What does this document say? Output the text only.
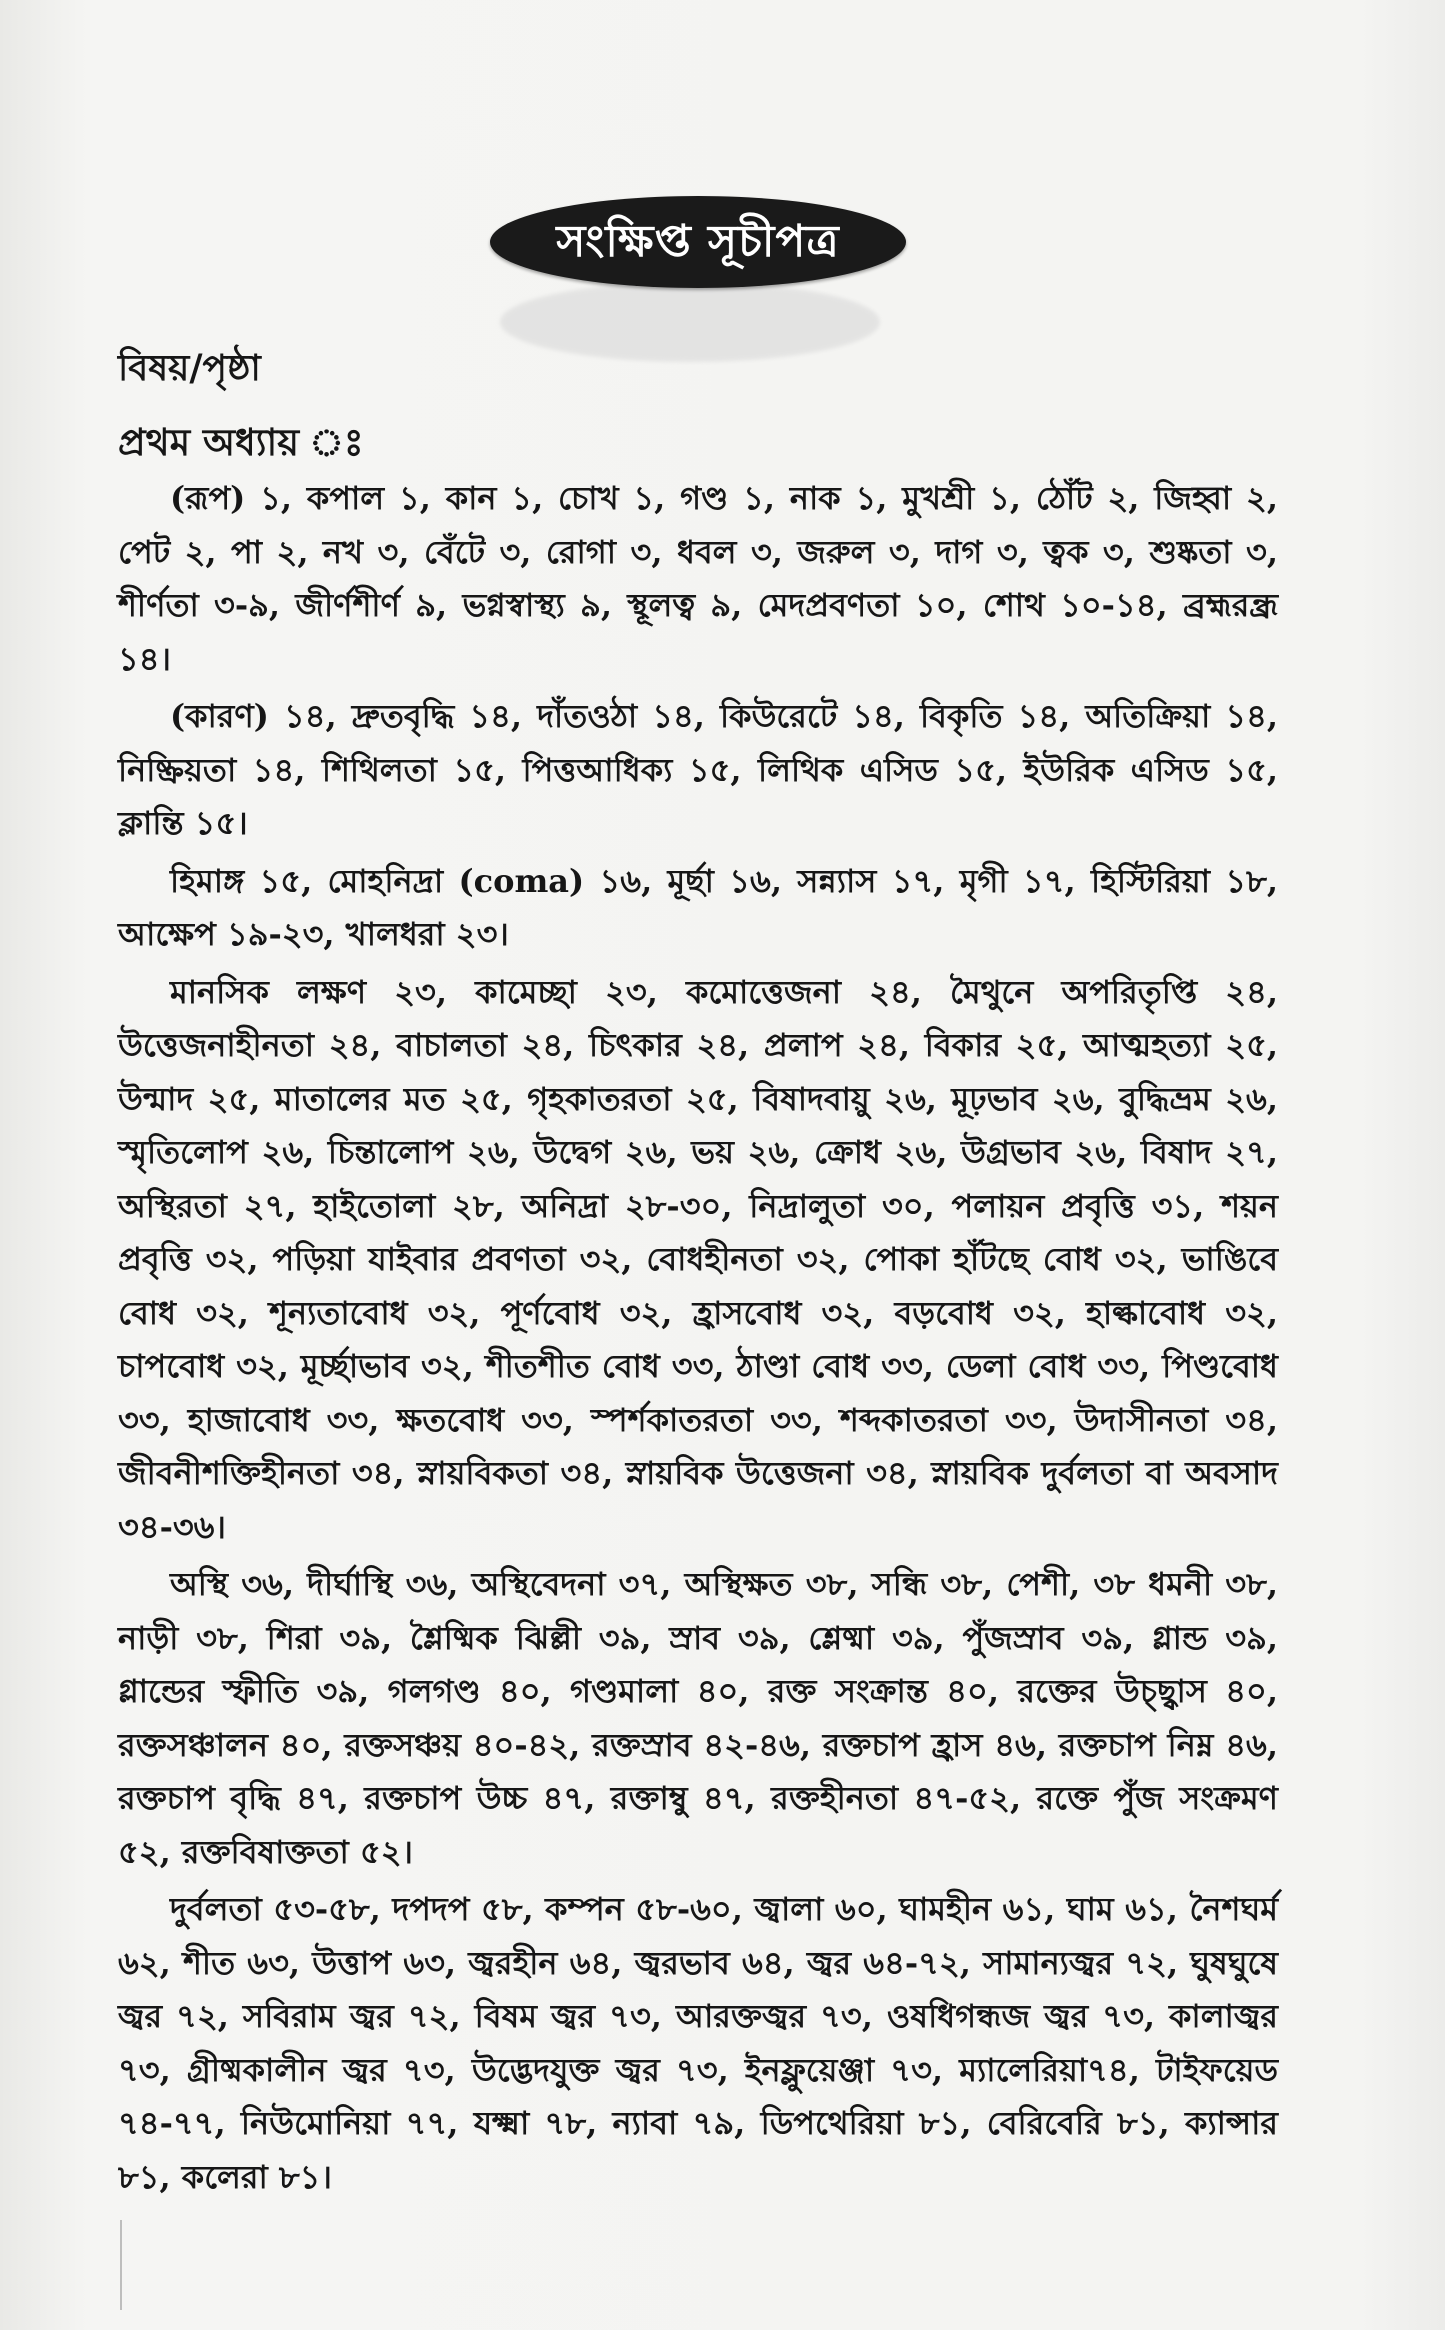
সংক্ষিপ্ত সূচীপত্র
বিষয়/পৃষ্ঠা
প্রথম অধ্যায় ঃ

(রূপ) ১, কপাল ১, কান ১, চোখ ১, গণ্ড ১, নাক ১, মুখশ্রী ১, ঠোঁট ২, জিহ্বা ২, পেট ২, পা ২, নখ ৩, বেঁটে ৩, রোগা ৩, ধবল ৩, জরুল ৩, দাগ ৩, ত্বক ৩, শুষ্কতা ৩, শীর্ণতা ৩-৯, জীর্ণশীর্ণ ৯, ভগ্নস্বাস্থ্য ৯, স্থূলত্ব ৯, মেদপ্রবণতা ১০, শোথ ১০-১৪, ব্রহ্মরন্ধ্র ১৪।

(কারণ) ১৪, দ্রুতবৃদ্ধি ১৪, দাঁতওঠা ১৪, কিউরেটে ১৪, বিকৃতি ১৪, অতিক্রিয়া ১৪, নিষ্ক্রিয়তা ১৪, শিথিলতা ১৫, পিত্তআধিক্য ১৫, লিথিক এসিড ১৫, ইউরিক এসিড ১৫, ক্লান্তি ১৫।

হিমাঙ্গ ১৫, মোহনিদ্রা (coma) ১৬, মূর্ছা ১৬, সন্ন্যাস ১৭, মৃগী ১৭, হিস্টিরিয়া ১৮, আক্ষেপ ১৯-২৩, খালধরা ২৩।

মানসিক লক্ষণ ২৩, কামেচ্ছা ২৩, কমোত্তেজনা ২৪, মৈথুনে অপরিতৃপ্তি ২৪, উত্তেজনাহীনতা ২৪, বাচালতা ২৪, চিৎকার ২৪, প্রলাপ ২৪, বিকার ২৫, আত্মহত্যা ২৫, উন্মাদ ২৫, মাতালের মত ২৫, গৃহকাতরতা ২৫, বিষাদবায়ু ২৬, মূঢ়ভাব ২৬, বুদ্ধিভ্রম ২৬, স্মৃতিলোপ ২৬, চিন্তালোপ ২৬, উদ্বেগ ২৬, ভয় ২৬, ক্রোধ ২৬, উগ্রভাব ২৬, বিষাদ ২৭, অস্থিরতা ২৭, হাইতোলা ২৮, অনিদ্রা ২৮-৩০, নিদ্রালুতা ৩০, পলায়ন প্রবৃত্তি ৩১, শয়ন প্রবৃত্তি ৩২, পড়িয়া যাইবার প্রবণতা ৩২, বোধহীনতা ৩২, পোকা হাঁটছে বোধ ৩২, ভাঙিবে বোধ ৩২, শূন্যতাবোধ ৩২, পূর্ণবোধ ৩২, হ্রাসবোধ ৩২, বড়বোধ ৩২, হাল্কাবোধ ৩২, চাপবোধ ৩২, মূর্চ্ছাভাব ৩২, শীতশীত বোধ ৩৩, ঠাণ্ডা বোধ ৩৩, ডেলা বোধ ৩৩, পিণ্ডবোধ ৩৩, হাজাবোধ ৩৩, ক্ষতবোধ ৩৩, স্পর্শকাতরতা ৩৩, শব্দকাতরতা ৩৩, উদাসীনতা ৩৪, জীবনীশক্তিহীনতা ৩৪, স্নায়বিকতা ৩৪, স্নায়বিক উত্তেজনা ৩৪, স্নায়বিক দুর্বলতা বা অবসাদ ৩৪-৩৬।

অস্থি ৩৬, দীর্ঘাস্থি ৩৬, অস্থিবেদনা ৩৭, অস্থিক্ষত ৩৮, সন্ধি ৩৮, পেশী, ৩৮ ধমনী ৩৮, নাড়ী ৩৮, শিরা ৩৯, শ্লৈষ্মিক ঝিল্লী ৩৯, স্রাব ৩৯, শ্লেষ্মা ৩৯, পুঁজস্রাব ৩৯, গ্লান্ড ৩৯, গ্লান্ডের স্ফীতি ৩৯, গলগণ্ড ৪০, গণ্ডমালা ৪০, রক্ত সংক্রান্ত ৪০, রক্তের উচ্ছ্বাস ৪০, রক্তসঞ্চালন ৪০, রক্তসঞ্চয় ৪০-৪২, রক্তস্রাব ৪২-৪৬, রক্তচাপ হ্রাস ৪৬, রক্তচাপ নিম্ন ৪৬, রক্তচাপ বৃদ্ধি ৪৭, রক্তচাপ উচ্চ ৪৭, রক্তাম্বু ৪৭, রক্তহীনতা ৪৭-৫২, রক্তে পুঁজ সংক্রমণ ৫২, রক্তবিষাক্ততা ৫২।

দুর্বলতা ৫৩-৫৮, দপদপ ৫৮, কম্পন ৫৮-৬০, জ্বালা ৬০, ঘামহীন ৬১, ঘাম ৬১, নৈশঘর্ম ৬২, শীত ৬৩, উত্তাপ ৬৩, জ্বরহীন ৬৪, জ্বরভাব ৬৪, জ্বর ৬৪-৭২, সামান্যজ্বর ৭২, ঘুষঘুষে জ্বর ৭২, সবিরাম জ্বর ৭২, বিষম জ্বর ৭৩, আরক্তজ্বর ৭৩, ওষধিগন্ধজ জ্বর ৭৩, কালাজ্বর ৭৩, গ্রীষ্মকালীন জ্বর ৭৩, উদ্ভেদযুক্ত জ্বর ৭৩, ইনফ্লুয়েঞ্জা ৭৩, ম্যালেরিয়া৭৪, টাইফয়েড ৭৪-৭৭, নিউমোনিয়া ৭৭, যক্ষ্মা ৭৮, ন্যাবা ৭৯, ডিপথেরিয়া ৮১, বেরিবেরি ৮১, ক্যান্সার ৮১, কলেরা ৮১।
